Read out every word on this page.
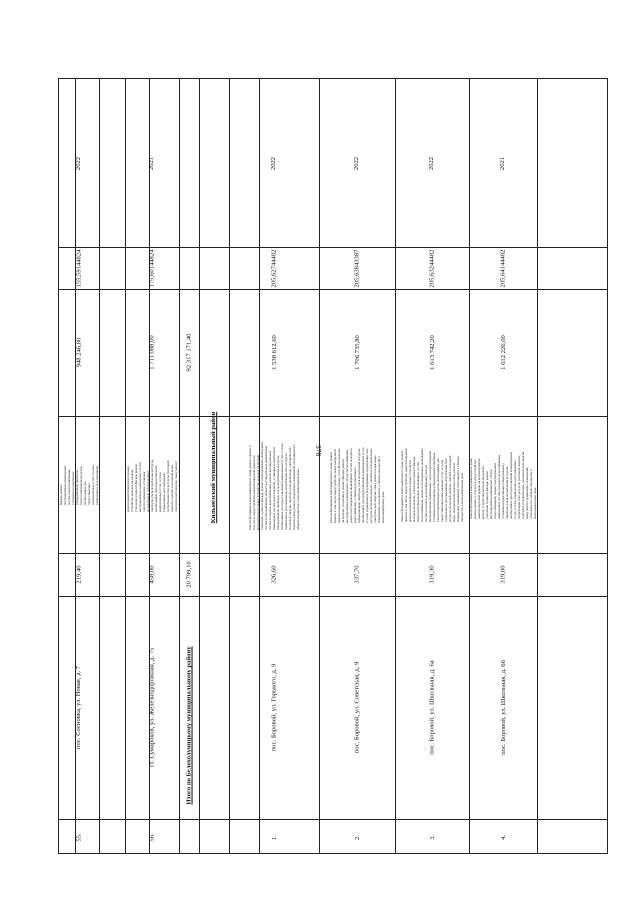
376
55.
пос. Сосновка, ул. Новая, д. 7
219,40
фасада, ремонт внутридомовых инженерных систем электроснабжения, установка коллективных (общедомовых) приборов учета потребления ресурсов, необходимых для предоставления коммунальных услуг, и узлов управления и регулирования
948 246,80
155,59144824
2022
56.
ст. Сумароков, ул. Железнодорожная, д. 75
458,00
крыши на вентилируемую крышу, устройство выходов на кровлю, утепление и ремонт фасада, ремонт внутридомовых инженерных систем электроснабжения, установка коллективных (общедомовых) приборов учета потребления ресурсов, необходимых для предоставления коммунальных услуг, и узлов управления и регулирования потребления этих ресурсов (тепловой энергии, горячей и холодной воды, электрической энергии, газа), ремонт
1 711 088,00
175,60144824
2021
Итого по Белохолуницкому муниципальному району
20 799,10
92 317 171,40
Кильмезский муниципальный район
1.
пос. Боровой, ул. Горького, д. 9
326,60
Ремонт фундамента многоквартирного дома, ремонт крыши, в том числе переустройство невентилируемой крыши на вентилируемую крышу, устройство выходов на кровлю, утепление и ремонт фасада, ремонт внутридомовых инженерных систем теплоснабжения, ремонт внутридомовых инженерных систем холодного водоснабжения, ремонт внутридомовых инженерных систем водоотведения, установка коллективных (общедомовых) приборов учета потребления ресурсов, необходимых для предоставления коммунальных услуг, и узлов управления и регулирования потребления этих ресурсов (тепловой энергии, горячей и холодной воды, электрической энергии, газа), ремонт подвальных помещений, относящихся к общему имуществу в многоквартирном доме
1 538 612,60
205,62744482
2022
2.
пос. Боровой, ул. Советская, д. 9
337,70
Ремонт фундамента многоквартирного дома, ремонт крыши, в том числе переустройство невентилируемой крыши на вентилируемую крышу, устройство выходов на кровлю, утепление и ремонт фасада, ремонт внутридомовых инженерных систем теплоснабжения, ремонт внутридомовых инженерных систем холодного водоснабжения, установка коллективных (общедомовых) приборов учета потребления ресурсов, необходимых для предоставления коммунальных услуг, и узлов управления и регулирования потребления этих ресурсов (тепловой энергии, горячей и холодной воды, электрической энергии, газа), ремонт подвальных помещений, относящихся к общему имуществу в многоквартирном доме
1 706 735,80
205,63843387
2022
3.
пос. Боровой, ул. Школьная, д. 6а
319,30
Ремонт фундамента многоквартирного дома, ремонт крыши, в том числе переустройство невентилируемой крыши на вентилируемую крышу, устройство выходов на кровлю, утепление и ремонт фасада, ремонт внутридомовых инженерных систем теплоснабжения, ремонт внутридомовых инженерных систем холодного водоснабжения, ремонт внутридомовых инженерных систем водоотведения, установка коллективных (общедомовых) приборов учета потребления ресурсов, необходимых для предоставления коммунальных услуг, и узлов управления и регулирования потребления этих ресурсов (тепловой энергии, горячей и холодной воды, электрической энергии, газа), ремонт подвальных помещений, относящихся к общему имуществу в многоквартирном доме
1 613 742,20
205,63244482
2022
4.
пос. Боровой, ул. Школьная, д. 66
319,00
Ремонт фундамента многоквартирного дома, ремонт крыши, в том числе переустройство невентилируемой крыши на вентилируемую крышу, устройство выходов на кровлю, утепление и ремонт фасада, ремонт внутридомовых инженерных систем теплоснабжения, ремонт внутридомовых инженерных систем холодного водоснабжения, установка коллективных (общедомовых) приборов учета потребления ресурсов, необходимых для предоставления коммунальных услуг, и узлов управления и регулирования потребления этих ресурсов (тепловой энергии, горячей и холодной воды, электрической энергии, газа), ремонт подвальных помещений, относящихся к общему имуществу в многоквартирном доме
1 612 226,00
205,64144482
2021
